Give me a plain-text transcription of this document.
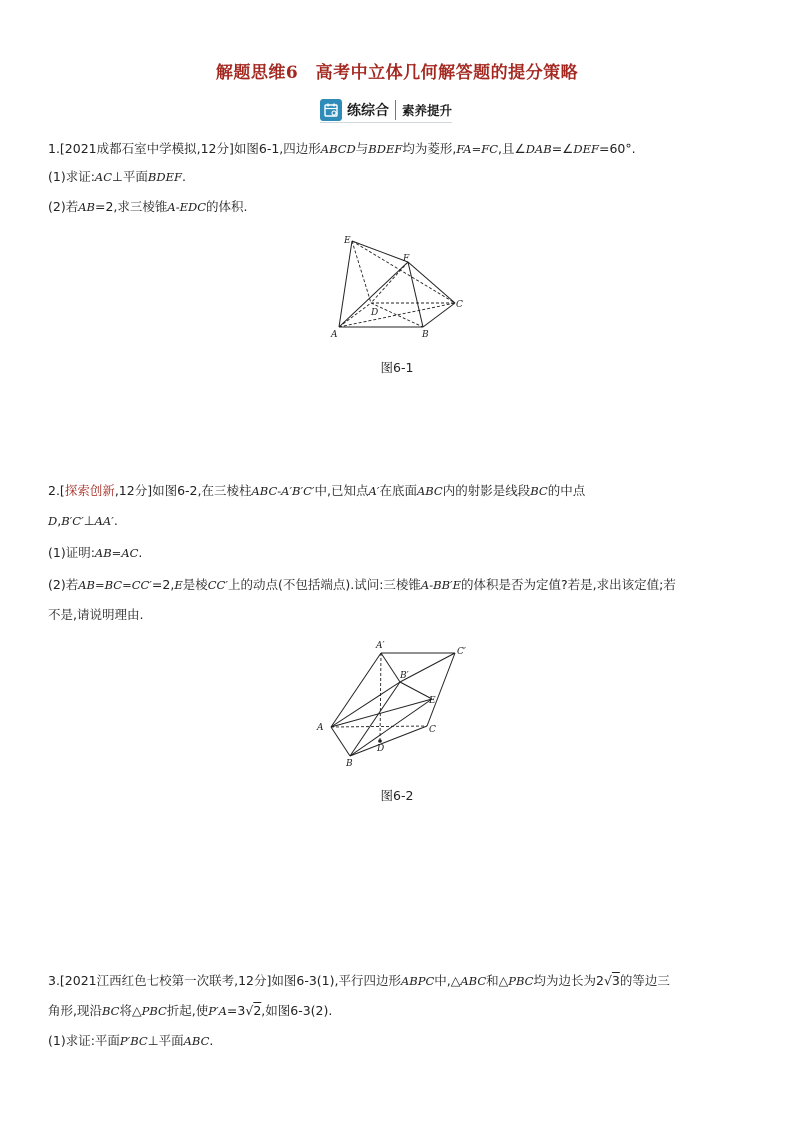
解题思维6　高考中立体几何解答题的提分策略
练综合	素养提升
1.[2021成都石室中学模拟,12分]如图6-1,四边形ABCD与BDEF均为菱形,FA=FC,且∠DAB=∠DEF=60°.
(1)求证:AC⊥平面BDEF.
(2)若AB=2,求三棱锥A-EDC的体积.
E
F
D
C
A	B
图6-1
2.[探索创新,12分]如图6-2,在三棱柱ABC-A′B′C′中,已知点A′在底面ABC内的射影是线段BC的中点
D,B′C′⊥AA′.
(1)证明:AB=AC.
(2)若AB=BC=CC′=2,E是棱CC′上的动点(不包括端点).试问:三棱锥A-BB′E的体积是否为定值?若是,求出该定值;若
不是,请说明理由.
A′
C′
B′
E
A	C
D
B
图6-2
3.[2021江西红色七校第一次联考,12分]如图6-3(1),平行四边形ABPC中,△ABC和△PBC均为边长为2√3的等边三
角形,现沿BC将△PBC折起,使P′A=3√2,如图6-3(2).
(1)求证:平面P′BC⊥平面ABC.
